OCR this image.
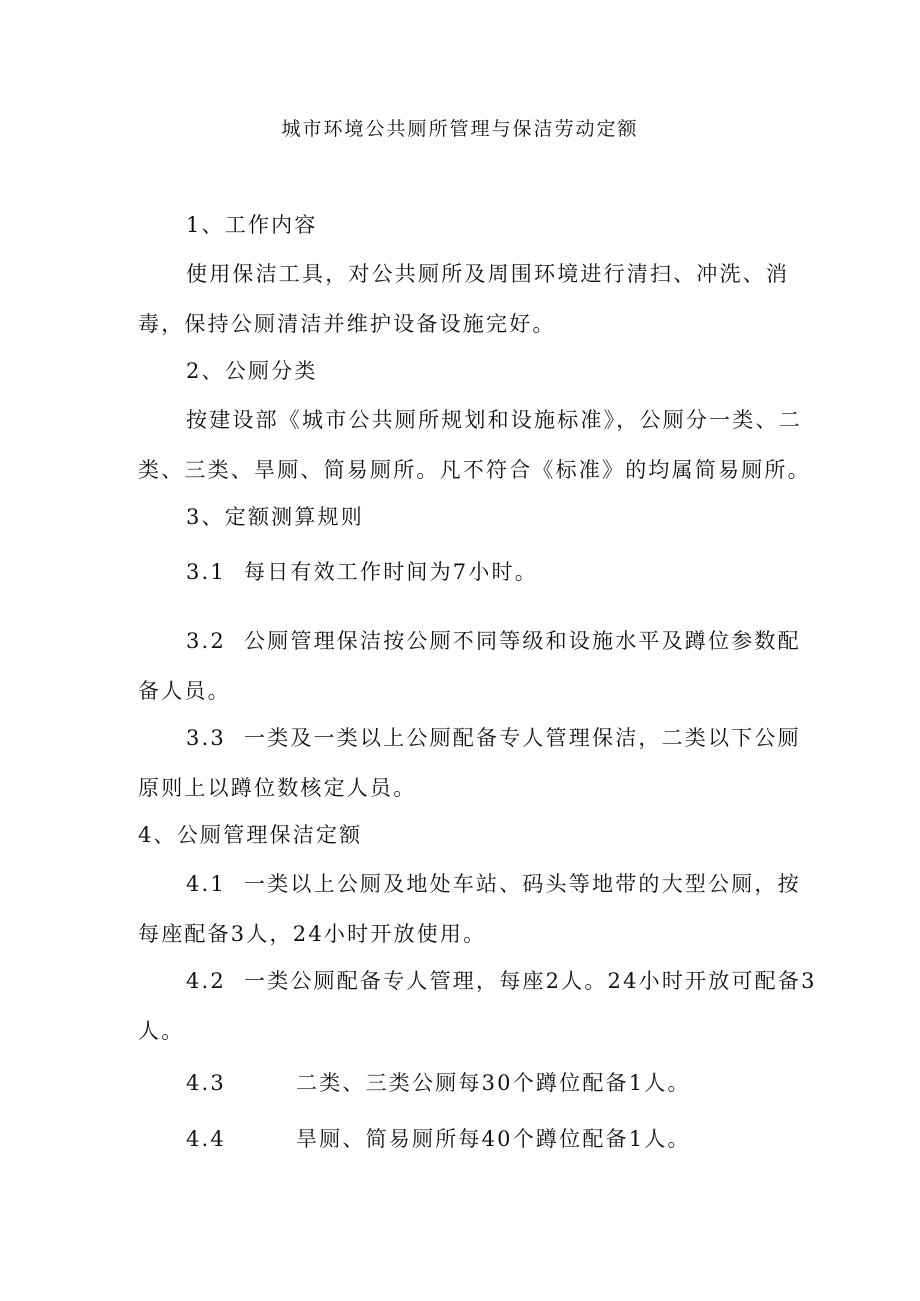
城市环境公共厕所管理与保洁劳动定额
1、工作内容
使用保洁工具，对公共厕所及周围环境进行清扫、冲洗、消毒，保持公厕清洁并维护设备设施完好。
2、公厕分类
按建设部《城市公共厕所规划和设施标准》，公厕分一类、二类、三类、旱厕、简易厕所。凡不符合《标准》的均属简易厕所。
3、定额测算规则
3.1 每日有效工作时间为7小时。
3.2 公厕管理保洁按公厕不同等级和设施水平及蹲位参数配备人员。
3.3 一类及一类以上公厕配备专人管理保洁，二类以下公厕原则上以蹲位数核定人员。
4、公厕管理保洁定额
4.1 一类以上公厕及地处车站、码头等地带的大型公厕，按每座配备3人，24小时开放使用。
4.2 一类公厕配备专人管理，每座2人。24小时开放可配备3人。
4.3	二类、三类公厕每30个蹲位配备1人。
4.4	旱厕、简易厕所每40个蹲位配备1人。
